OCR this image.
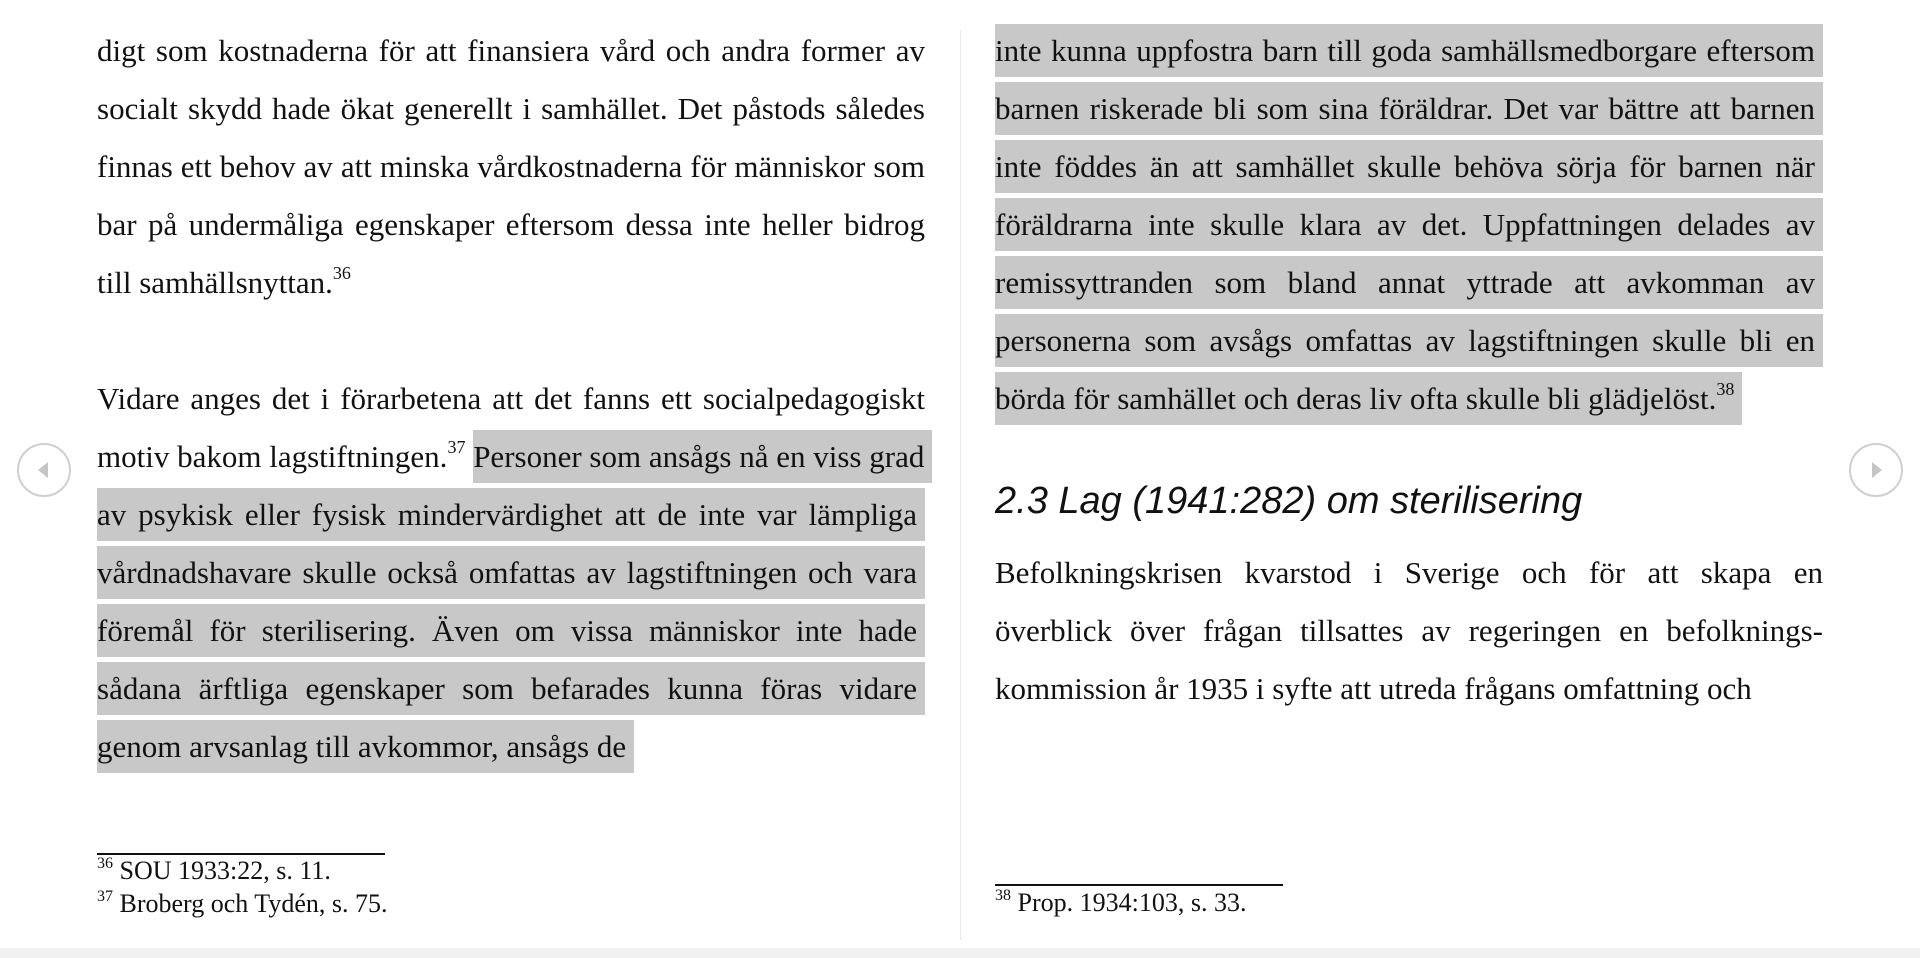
digt som kostnaderna för att finansiera vård och andra former av socialt skydd hade ökat generellt i samhället. Det påstods således finnas ett behov av att minska vårdkostnaderna för människor som bar på undermåliga egenskaper eftersom dessa inte heller bidrog till samhällsnyttan.$^{36}$

Vidare anges det i förarbetena att det fanns ett socialpedagogiskt motiv bakom lagstiftningen.$^{37}$ Personer som ansågs nå en viss grad av psykisk eller fysisk mindervärdighet att de inte var lämpliga vårdnadshavare skulle också omfattas av lagstiftningen och vara föremål för sterilisering. Även om vissa människor inte hade sådana ärftliga egenskaper som befarades kunna föras vidare genom arvsanlag till avkommor, ansågs de

$^{36}$ SOU 1933:22, s. 11.
$^{37}$ Broberg och Tydén, s. 75.

inte kunna uppfostra barn till goda samhällsmedborgare eftersom barnen riskerade bli som sina föräldrar. Det var bättre att barnen inte föddes än att samhället skulle behöva sörja för barnen när föräldrarna inte skulle klara av det. Uppfattningen delades av remissyttranden som bland annat yttrade att avkomman av personerna som avsågs omfattas av lagstiftningen skulle bli en börda för samhället och deras liv ofta skulle bli glädjelöst.$^{38}$

2.3 Lag (1941:282) om sterilisering

Befolkningskrisen kvarstod i Sverige och för att skapa en överblick över frågan tillsattes av regeringen en befolkningskommission år 1935 i syfte att utreda frågans omfattning och

$^{38}$ Prop. 1934:103, s. 33.
